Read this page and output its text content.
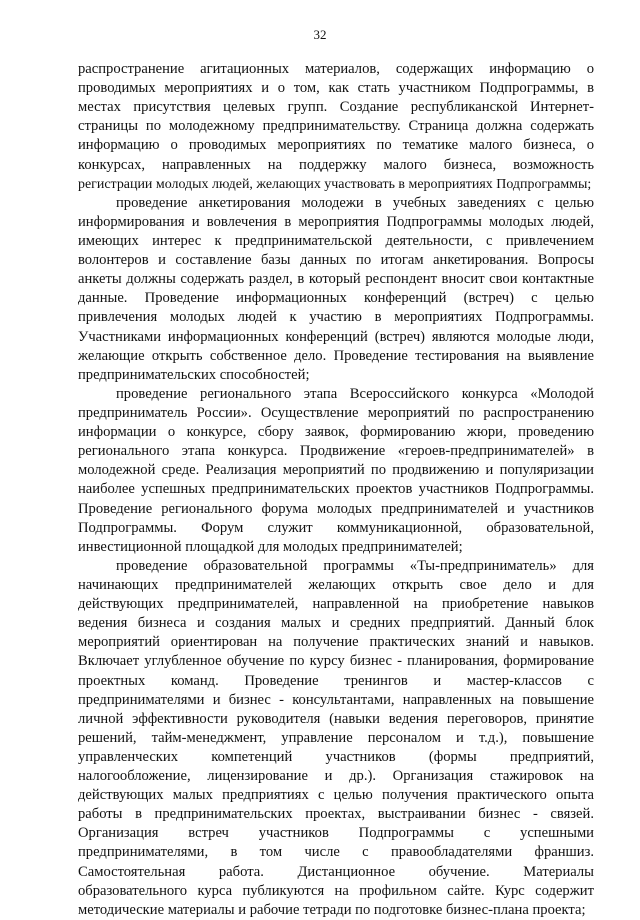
32
распространение агитационных материалов, содержащих информацию о
проводимых мероприятиях и о том, как стать участником Подпрограммы, в
местах присутствия целевых групп. Создание республиканской Интернет-
страницы по молодежному предпринимательству. Страница должна содержать
информацию о проводимых мероприятиях по тематике малого бизнеса, о
конкурсах, направленных на поддержку малого бизнеса, возможность
регистрации молодых людей, желающих участвовать в мероприятиях Подпрограммы;
проведение анкетирования молодежи в учебных заведениях с целью
информирования и вовлечения в мероприятия Подпрограммы молодых людей,
имеющих интерес к предпринимательской деятельности, с привлечением
волонтеров и составление базы данных по итогам анкетирования. Вопросы
анкеты должны содержать раздел, в который респондент вносит свои контактные
данные. Проведение информационных конференций (встреч) с целью
привлечения молодых людей к участию в мероприятиях Подпрограммы.
Участниками информационных конференций (встреч) являются молодые люди,
желающие открыть собственное дело. Проведение тестирования на выявление
предпринимательских способностей;
проведение регионального этапа Всероссийского конкурса «Молодой
предприниматель России». Осуществление мероприятий по распространению
информации о конкурсе, сбору заявок, формированию жюри, проведению
регионального этапа конкурса. Продвижение «героев-предпринимателей» в
молодежной среде. Реализация мероприятий по продвижению и популяризации
наиболее успешных предпринимательских проектов участников Подпрограммы.
Проведение регионального форума молодых предпринимателей и участников
Подпрограммы. Форум служит коммуникационной, образовательной,
инвестиционной площадкой для молодых предпринимателей;
проведение образовательной программы «Ты-предприниматель» для
начинающих предпринимателей желающих открыть свое дело и для
действующих предпринимателей, направленной на приобретение навыков
ведения бизнеса и создания малых и средних предприятий. Данный блок
мероприятий ориентирован на получение практических знаний и навыков.
Включает углубленное обучение по курсу бизнес - планирования, формирование
проектных команд. Проведение тренингов и мастер-классов с
предпринимателями и бизнес - консультантами, направленных на повышение
личной эффективности руководителя (навыки ведения переговоров, принятие
решений, тайм-менеджмент, управление персоналом и т.д.), повышение
управленческих компетенций участников (формы предприятий,
налогообложение, лицензирование и др.). Организация стажировок на
действующих малых предприятиях с целью получения практического опыта
работы в предпринимательских проектах, выстраивании бизнес - связей.
Организация встреч участников Подпрограммы с успешными
предпринимателями, в том числе с правообладателями франшиз.
Самостоятельная работа. Дистанционное обучение. Материалы
образовательного курса публикуются на профильном сайте. Курс содержит
методические материалы и рабочие тетради по подготовке бизнес-плана проекта;
